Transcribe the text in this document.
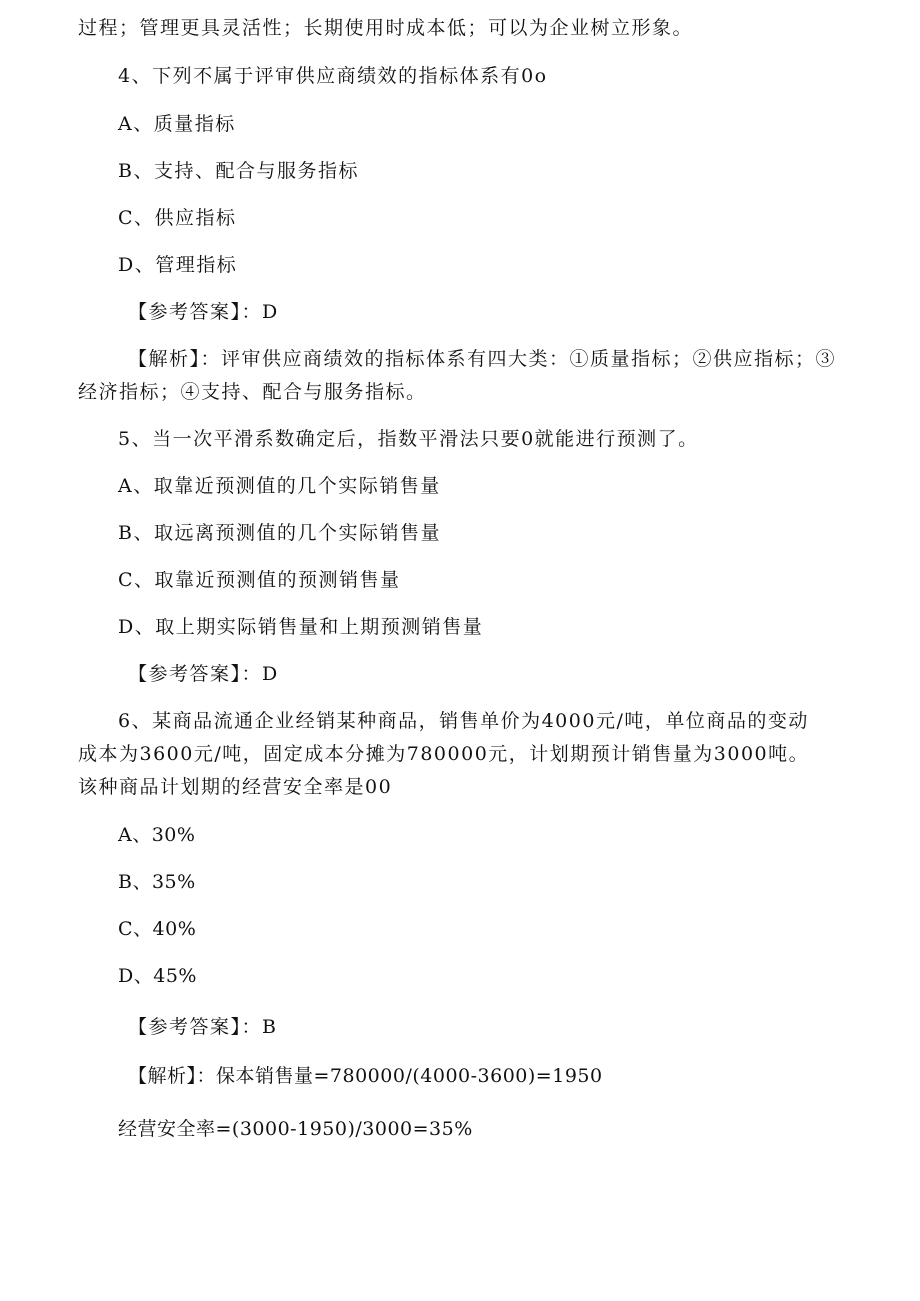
过程；管理更具灵活性；长期使用时成本低；可以为企业树立形象。
4、下列不属于评审供应商绩效的指标体系有0o
A、质量指标
B、支持、配合与服务指标
C、供应指标
D、管理指标
【参考答案】：D
【解析】：评审供应商绩效的指标体系有四大类：①质量指标；②供应指标；③
经济指标；④支持、配合与服务指标。
5、当一次平滑系数确定后，指数平滑法只要0就能进行预测了。
A、取靠近预测值的几个实际销售量
B、取远离预测值的几个实际销售量
C、取靠近预测值的预测销售量
D、取上期实际销售量和上期预测销售量
【参考答案】：D
6、某商品流通企业经销某种商品，销售单价为4000元/吨，单位商品的变动
成本为3600元/吨，固定成本分摊为780000元，计划期预计销售量为3000吨。
该种商品计划期的经营安全率是00
A、30%
B、35%
C、40%
D、45%
【参考答案】：B
【解析】：保本销售量=780000/(4000-3600)=1950
经营安全率=(3000-1950)/3000=35%
